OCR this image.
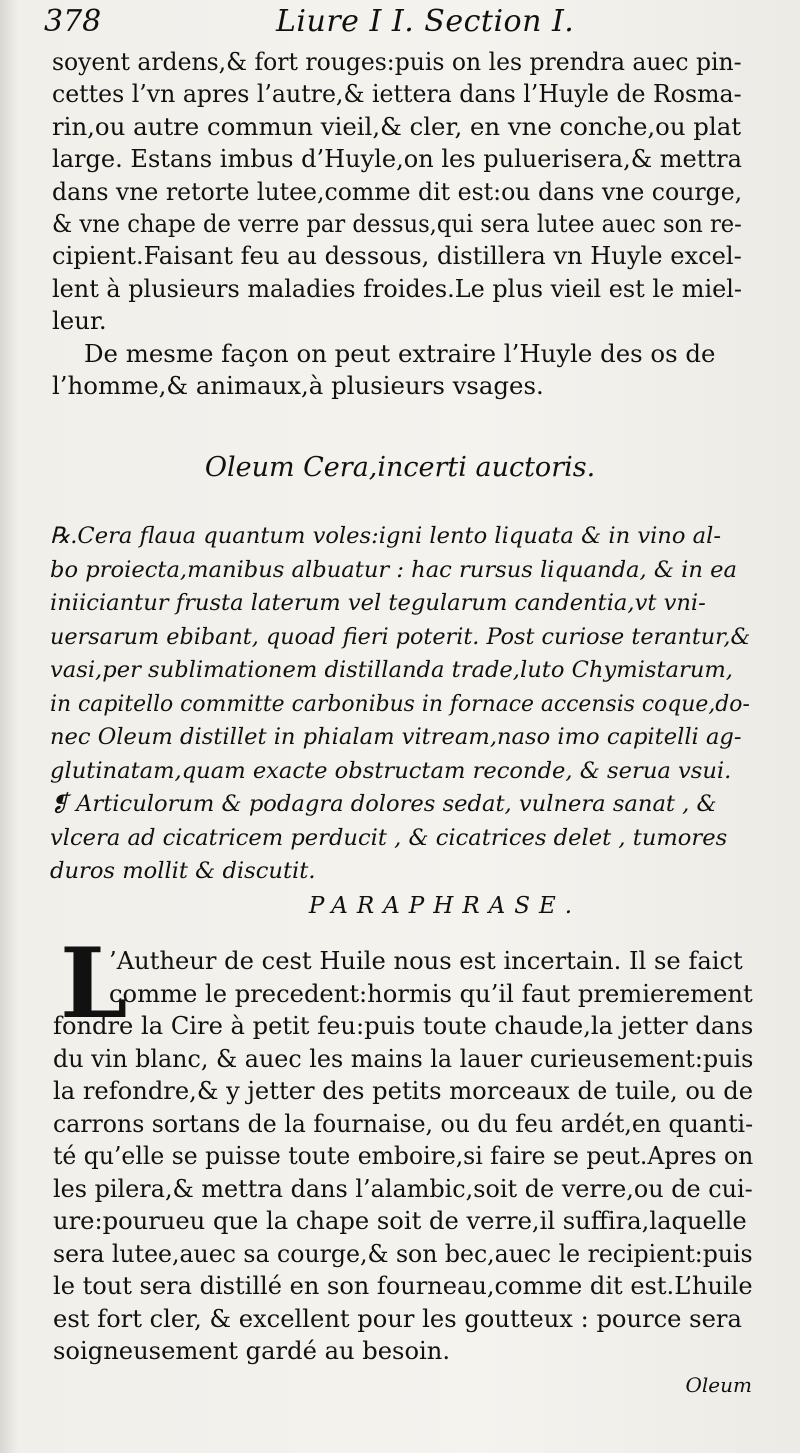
378	Liure I I. Section I.
soyent ardens,& fort rouges:puis on les prendra auec pin-
cettes l’vn apres l’autre,& iettera dans l’Huyle de Rosma-
rin,ou autre commun vieil,& cler, en vne conche,ou plat
large. Estans imbus d’Huyle,on les puluerisera,& mettra
dans vne retorte lutee,comme dit est:ou dans vne courge,
& vne chape de verre par dessus,qui sera lutee auec son re-
cipient.Faisant feu au dessous, distillera vn Huyle excel-
lent à plusieurs maladies froides.Le plus vieil est le miel-
leur.
De mesme façon on peut extraire l’Huyle des os de
l’homme,& animaux,à plusieurs vsages.
Oleum Cera,incerti auctoris.
℞.Cera flaua quantum voles:igni lento liquata & in vino al-
bo proiecta,manibus albuatur : hac rursus liquanda, & in ea
iniiciantur frusta laterum vel tegularum candentia,vt vni-
uersarum ebibant, quoad fieri poterit. Post curiose terantur,&
vasi,per sublimationem distillanda trade,luto Chymistarum,
in capitello committe carbonibus in fornace accensis coque,do-
nec Oleum distillet in phialam vitream,naso imo capitelli ag-
glutinatam,quam exacte obstructam reconde, & serua vsui.
❡ Articulorum & podagra dolores sedat, vulnera sanat , &
vlcera ad cicatricem perducit , & cicatrices delet , tumores
duros mollit & discutit.
PARAPHRASE.
L
’Autheur de cest Huile nous est incertain. Il se faict
comme le precedent:hormis qu’il faut premierement
fondre la Cire à petit feu:puis toute chaude,la jetter dans
du vin blanc, & auec les mains la lauer curieusement:puis
la refondre,& y jetter des petits morceaux de tuile, ou de
carrons sortans de la fournaise, ou du feu ardét,en quanti-
té qu’elle se puisse toute emboire,si faire se peut.Apres on
les pilera,& mettra dans l’alambic,soit de verre,ou de cui-
ure:pourueu que la chape soit de verre,il suffira,laquelle
sera lutee,auec sa courge,& son bec,auec le recipient:puis
le tout sera distillé en son fourneau,comme dit est.L’huile
est fort cler, & excellent pour les goutteux : pource sera
soigneusement gardé au besoin.
Oleum
